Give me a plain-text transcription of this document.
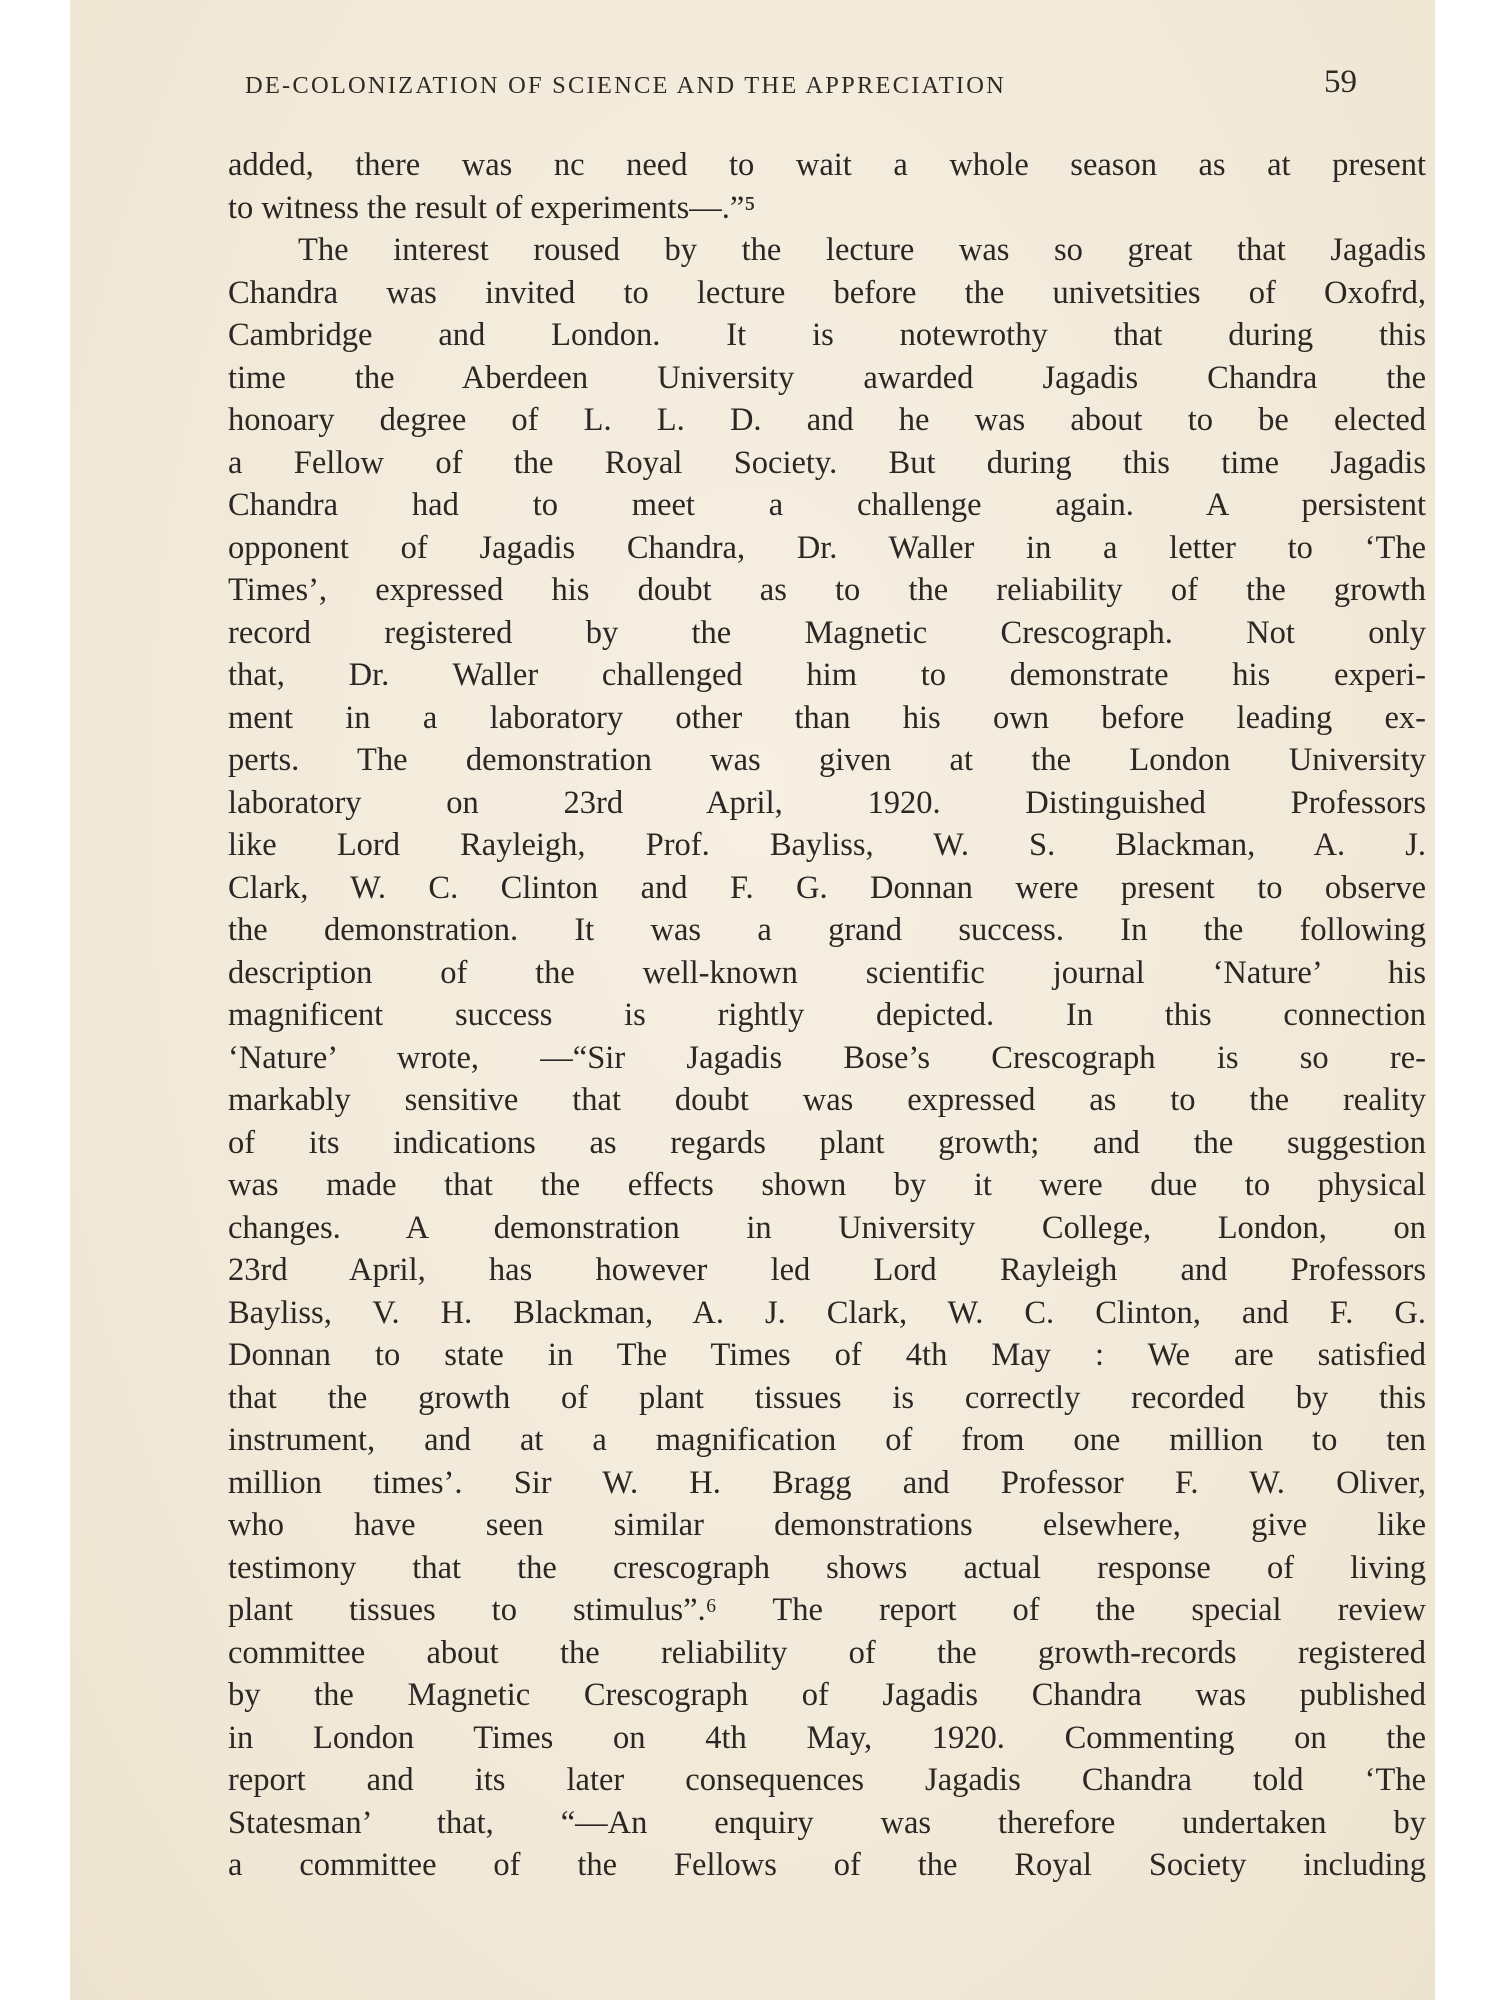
DE-COLONIZATION OF SCIENCE AND THE APPRECIATION	59
added, there was nc need to wait a whole season as at present
to witness the result of experiments—.”⁵
The interest roused by the lecture was so great that Jagadis
Chandra was invited to lecture before the univetsities of Oxofrd,
Cambridge and London. It is notewrothy that during this
time the Aberdeen University awarded Jagadis Chandra the
honoary degree of L. L. D. and he was about to be elected
a Fellow of the Royal Society. But during this time Jagadis
Chandra had to meet a challenge again. A persistent
opponent of Jagadis Chandra, Dr. Waller in a letter to ‘The
Times’, expressed his doubt as to the reliability of the growth
record registered by the Magnetic Crescograph. Not only
that, Dr. Waller challenged him to demonstrate his experi-
ment in a laboratory other than his own before leading ex-
perts. The demonstration was given at the London University
laboratory on 23rd April, 1920. Distinguished Professors
like Lord Rayleigh, Prof. Bayliss, W. S. Blackman, A. J.
Clark, W. C. Clinton and F. G. Donnan were present to observe
the demonstration. It was a grand success. In the following
description of the well-known scientific journal ‘Nature’ his
magnificent success is rightly depicted. In this connection
‘Nature’ wrote, —“Sir Jagadis Bose’s Crescograph is so re-
markably sensitive that doubt was expressed as to the reality
of its indications as regards plant growth; and the suggestion
was made that the effects shown by it were due to physical
changes. A demonstration in University College, London, on
23rd April, has however led Lord Rayleigh and Professors
Bayliss, V. H. Blackman, A. J. Clark, W. C. Clinton, and F. G.
Donnan to state in The Times of 4th May : We are satisfied
that the growth of plant tissues is correctly recorded by this
instrument, and at a magnification of from one million to ten
million times’. Sir W. H. Bragg and Professor F. W. Oliver,
who have seen similar demonstrations elsewhere, give like
testimony that the crescograph shows actual response of living
plant tissues to stimulus”.⁶ The report of the special review
committee about the reliability of the growth-records registered
by the Magnetic Crescograph of Jagadis Chandra was published
in London Times on 4th May, 1920. Commenting on the
report and its later consequences Jagadis Chandra told ‘The
Statesman’ that, “—An enquiry was therefore undertaken by
a committee of the Fellows of the Royal Society including
